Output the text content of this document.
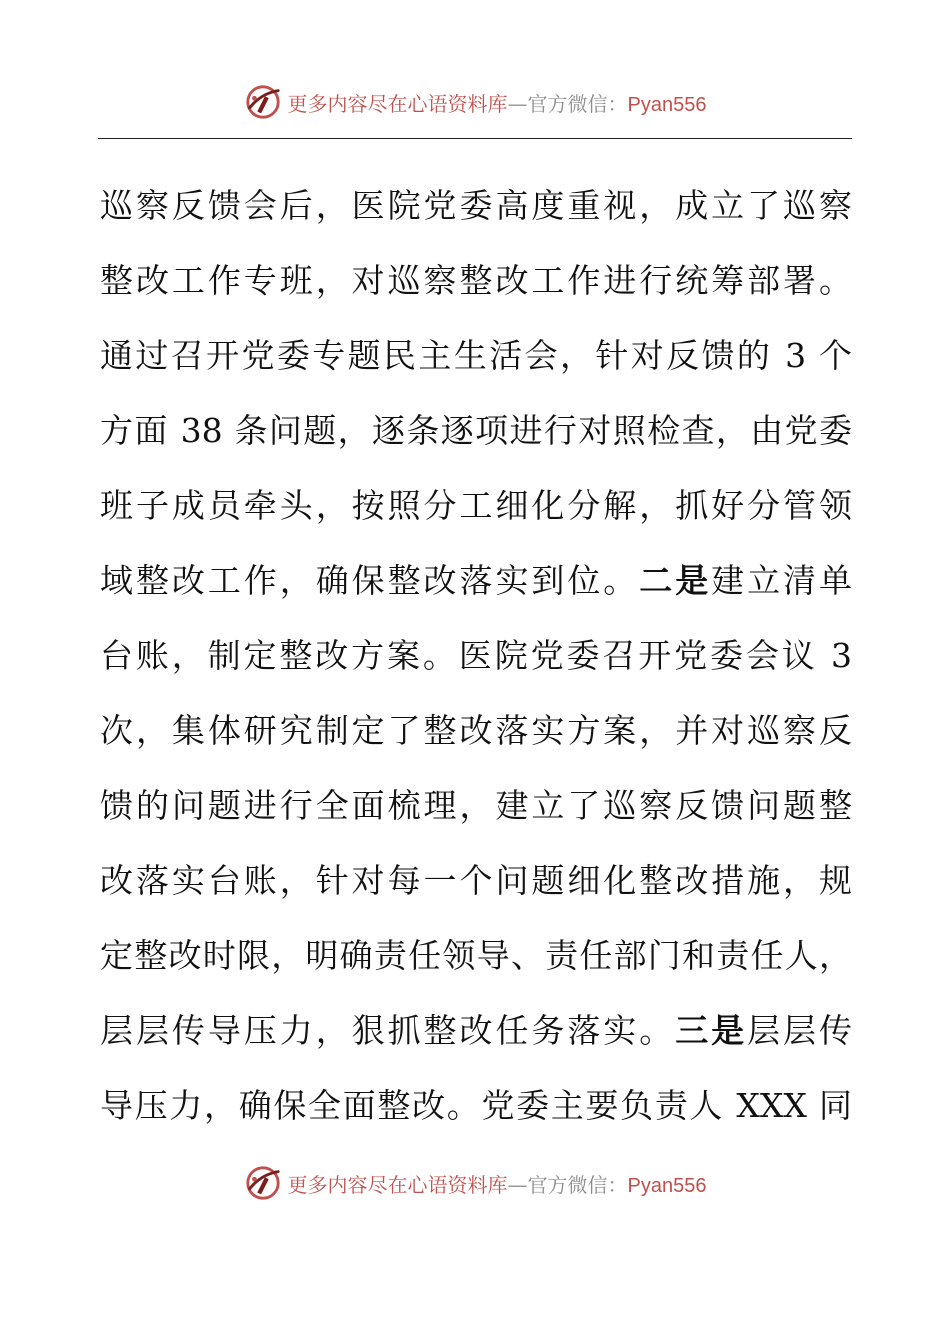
更多内容尽在心语资料库—官方微信：Pyan556
巡察反馈会后，医院党委高度重视，成立了巡察
整改工作专班，对巡察整改工作进行统筹部署。
通过召开党委专题民主生活会，针对反馈的 3 个
方面 38 条问题，逐条逐项进行对照检查，由党委
班子成员牵头，按照分工细化分解，抓好分管领
域整改工作，确保整改落实到位。二是建立清单
台账，制定整改方案。医院党委召开党委会议 3
次，集体研究制定了整改落实方案，并对巡察反
馈的问题进行全面梳理，建立了巡察反馈问题整
改落实台账，针对每一个问题细化整改措施，规
定整改时限，明确责任领导、责任部门和责任人，
层层传导压力，狠抓整改任务落实。三是层层传
导压力，确保全面整改。党委主要负责人 XXX 同
更多内容尽在心语资料库—官方微信：Pyan556
